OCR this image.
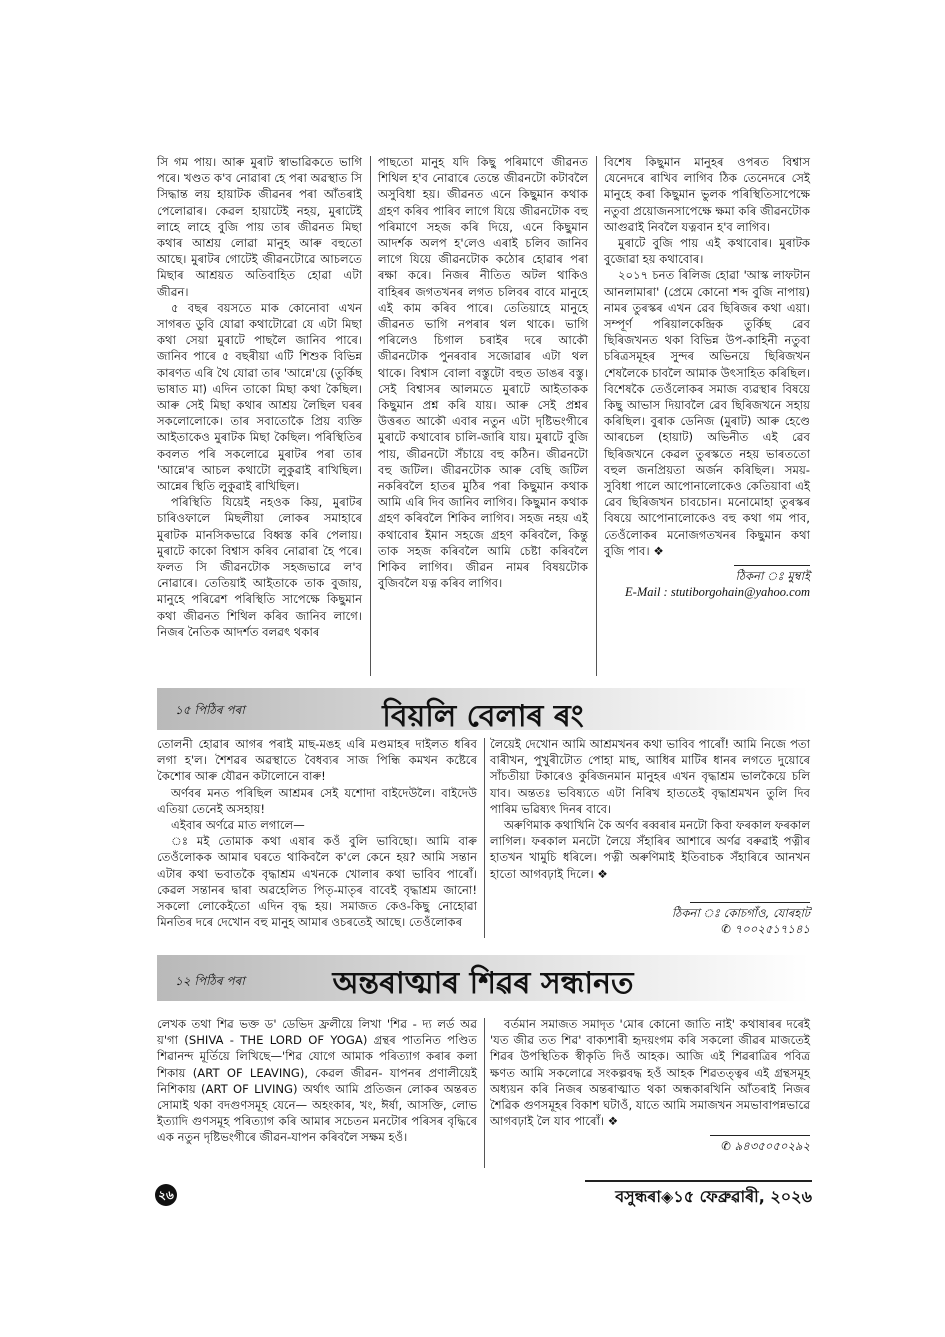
সি গম পায়। আৰু মুৰাট স্বাভাৱিকতে ভাগি পৰে। খণ্ডত ক'ব নোৱাৰা হে পৰা অৱস্থাত সি সিদ্ধান্ত লয় হায়াটক জীৱনৰ পৰা আঁতৰাই পেলোৱাৰ। কেৱল হায়াটেই নহয়, মুৰাটেই লাহে লাহে বুজি পায় তাৰ জীৱনত মিছা কথাৰ আশ্ৰয় লোৱা মানুহ আৰু বহুতো আছে। মুৰাটৰ গোটেই জীৱনটোৱে আচলতে মিছাৰ আশ্ৰয়ত অতিবাহিত হোৱা এটা জীৱন।

৫ বছৰ বয়সতে মাক কোনোবা এখন সাগৰত ডুবি যোৱা কথাটোৱো যে এটা মিছা কথা সেয়া মুৰাটে পাছলৈ জানিব পাৰে। জানিব পাৰে ৫ বছৰীয়া এটি শিশুক বিভিন্ন কাৰণত এৰি থৈ যোৱা তাৰ 'আন্নে'য়ে (তুৰ্কিছ ভাষাত মা) এদিন তাকো মিছা কথা কৈছিল। আৰু সেই মিছা কথাৰ আশ্ৰয় লৈছিল ঘৰৰ সকলোলোকে। তাৰ সবাতোকৈ প্ৰিয় ব্যক্তি আইতাকেও মুৰাটক মিছা কৈছিল। পৰিস্থিতিৰ কবলত পৰি সকলোৱে মুৰাটৰ পৰা তাৰ 'আন্নে'ৰ আচল কথাটো লুকুৱাই ৰাখিছিল। আন্নেৰ স্থিতি লুকুৱাই ৰাখিছিল।

পৰিস্থিতি যিয়েই নহওক কিয়, মুৰাটৰ চাৰিওফালে মিছলীয়া লোকৰ সমাহাৰে মুৰাটক মানসিকভাৱে বিধ্বস্ত কৰি পেলায়। মুৰাটে কাকো বিশ্বাস কৰিব নোৱাৰা হৈ পৰে। ফলত সি জীৱনটোক সহজভাৱে ল'ব নোৱাৰে। তেতিয়াই আইতাকে তাক বুজায়, মানুহে পৰিৱেশ পৰিস্থিতি সাপেক্ষে কিছুমান কথা জীৱনত শিথিল কৰিব জানিব লাগে। নিজৰ নৈতিক আদৰ্শত বলৱৎ থকাৰ

পাছতো মানুহ যদি কিছু পৰিমাণে জীৱনত শিথিল হ'ব নোৱাৰে তেন্তে জীৱনটো কটাবলৈ অসুবিধা হয়। জীৱনত এনে কিছুমান কথাক গ্ৰহণ কৰিব পাৰিব লাগে যিয়ে জীৱনটোক বহু পৰিমাণে সহজ কৰি দিয়ে, এনে কিছুমান আদৰ্শক অলপ হ'লেও এৰাই চলিব জানিব লাগে যিয়ে জীৱনটোক কঠোৰ হোৱাৰ পৰা ৰক্ষা কৰে। নিজৰ নীতিত অটল থাকিও বাহিৰৰ জগতখনৰ লগত চলিবৰ বাবে মানুহে এই কাম কৰিব পাৰে। তেতিয়াহে মানুহে জীৱনত ভাগি নপৰাৰ থল থাকে। ভাগি পৰিলেও চিগাল চৰাইৰ দৰে আকৌ জীৱনটোক পুনৰবাৰ সজোৱাৰ এটা থল থাকে। বিশ্বাস বোলা বস্তুটো বহুত ডাঙৰ বস্তু। সেই বিশ্বাসৰ আলমতে মুৰাটে আইতাকক কিছুমান প্ৰশ্ন কৰি যায়। আৰু সেই প্ৰশ্নৰ উত্তৰত আকৌ এবাৰ নতুন এটা দৃষ্টিভংগীৰে মুৰাটে কথাবোৰ চালি-জাৰি যায়। মুৰাটে বুজি পায়, জীৱনটো সঁচায়ে বহু কঠিন। জীৱনটো বহু জটিল। জীৱনটোক আৰু বেছি জটিল নকৰিবলৈ হাতৰ মুঠিৰ পৰা কিছুমান কথাক আমি এৰি দিব জানিব লাগিব। কিছুমান কথাক গ্ৰহণ কৰিবলৈ শিকিব লাগিব। সহজ নহয় এই কথাবোৰ ইমান সহজে গ্ৰহণ কৰিবলৈ, কিন্তু তাক সহজ কৰিবলৈ আমি চেষ্টা কৰিবলৈ শিকিব লাগিব। জীৱন নামৰ বিষয়টোক বুজিবলৈ যত্ন কৰিব লাগিব।

বিশেষ কিছুমান মানুহৰ ওপৰত বিশ্বাস যেনেদৰে ৰাখিব লাগিব ঠিক তেনেদৰে সেই মানুহে কৰা কিছুমান ভুলক পৰিস্থিতিসাপেক্ষে নতুবা প্ৰয়োজনসাপেক্ষে ক্ষমা কৰি জীৱনটোক আগুৱাই নিবলৈ যত্নবান হ'ব লাগিব।

মুৰাটে বুজি পায় এই কথাবোৰ। মুৰাটক বুজোৱা হয় কথাবোৰ।

২০১৭ চনত ৰিলিজ হোৱা 'আস্ক লাফটান আনলামাৰা' (প্ৰেমে কোনো শব্দ বুজি নাপায়) নামৰ তুৰস্কৰ এখন ৱেব ছিৰিজৰ কথা এয়া। সম্পূৰ্ণ পৰিয়ালকেন্দ্ৰিক তুৰ্কিছ ৱেব ছিৰিজখনত থকা বিভিন্ন উপ-কাহিনী নতুবা চৰিত্ৰসমূহৰ সুন্দৰ অভিনয়ে ছিৰিজখন শেষলৈকে চাবলৈ আমাক উৎসাহিত কৰিছিল। বিশেষকৈ তেওঁলোকৰ সমাজ ব্যৱস্থাৰ বিষয়ে কিছু আভাস দিয়াবলৈ ৱেব ছিৰিজখনে সহায় কৰিছিল। বুৰাক ডেনিজ (মুৰাট) আৰু হেণ্ডে আৰচেল (হায়াট) অভিনীত এই ৱেব ছিৰিজখনে কেৱল তুৰস্কতে নহয় ভাৰততো বহুল জনপ্ৰিয়তা অৰ্জন কৰিছিল। সময়-সুবিধা পালে আপোনালোকেও কেতিয়াবা এই ৱেব ছিৰিজখন চাবচোন। মনোমোহা তুৰস্কৰ বিষয়ে আপোনালোকেও বহু কথা গম পাব, তেওঁলোকৰ মনোজগতখনৰ কিছুমান কথা বুজি পাব। ❖

ঠিকনা ঃ মুম্বাই
E-Mail : stutiborgohain@yahoo.com
১৫ পিঠিৰ পৰা	বিয়লি বেলাৰ ৰং

তোলনী হোৱাৰ আগৰ পৰাই মাছ-মঙহ এৰি মণ্ডমাহৰ দাইলত ধৰিব লগা হ'ল। শৈশৱৰ অৱস্থাতে বৈধব্যৰ সাজ পিন্ধি কমখন কষ্টেৰে কৈশোৰ আৰু যৌৱন কটালোনে বাৰু!

অৰ্ণবৰ মনত পৰিছিল আশ্ৰমৰ সেই যশোদা বাইদেউলৈ। বাইদেউ এতিয়া তেনেই অসহায়!

এইবাৰ অৰ্ণৱে মাত লগালে—

ঃ মই তোমাক কথা এষাৰ কওঁ বুলি ভাবিছো। আমি বাৰু তেওঁলোকক আমাৰ ঘৰতে থাকিবলৈ ক'লে কেনে হয়? আমি সন্তান এটাৰ কথা ভবাতকৈ বৃদ্ধাশ্ৰম এখনকে খোলাৰ কথা ভাবিব পাৰোঁ। কেৱল সন্তানৰ দ্বাৰা অৱহেলিত পিতৃ-মাতৃৰ বাবেই বৃদ্ধাশ্ৰম জানো! সকলো লোকেইতো এদিন বৃদ্ধ হয়। সমাজত কেও-কিছু নোহোৱা মিনতিৰ দৰে দেখোন বহু মানুহ আমাৰ ওচৰতেই আছে। তেওঁলোকৰ

লৈয়েই দেখোন আমি আশ্ৰমখনৰ কথা ভাবিব পাৰোঁ! আমি নিজে পতা বাৰীখন, পুখুৰীটোত পোহা মাছ, আধিৰ মাটিৰ ধানৰ লগতে দুয়োৰে সাঁচতীয়া টকাৰেও কুৰিজনমান মানুহৰ এখন বৃদ্ধাশ্ৰম ভালকৈয়ে চলি যাব। অন্ততঃ ভবিষ্যতে এটা নিৰিখ হাততেই বৃদ্ধাশ্ৰমখন তুলি দিব পাৰিম ভৱিষ্যৎ দিনৰ বাবে।

অৰুণিমাক কথাখিনি কৈ অৰ্ণব ৰব্বৰাৰ মনটো কিবা ফৰকাল ফৰকাল লাগিল। ফৰকাল মনটো লৈয়ে সঁহাৰিৰ আশাৰে অৰ্ণৱ বৰুৱাই পত্নীৰ হাতখন খামুচি ধৰিলে। পত্নী অৰুণিমাই ইতিবাচক সঁহাৰিৰে আনখন হাতো আগবঢ়াই দিলে। ❖

ঠিকনা ঃ কোচগাঁও, যোৰহাট
✆ ৭০০২৫১৭১৪১
১২ পিঠিৰ পৰা	অন্তৰাত্মাৰ শিৱৰ সন্ধানত

লেখক তথা শিৱ ভক্ত ড' ডেভিদ ফ্ৰলীয়ে লিখা 'শিৱ - দ্য লৰ্ড অৱ য়'গা (SHIVA - THE LORD OF YOGA) গ্ৰন্থৰ পাতনিত পণ্ডিত শিৱানন্দ মূৰ্তিয়ে লিখিছে—'শিৱ যোগে আমাক পৰিত্যাগ কৰাৰ কলা শিকায় (ART OF LEAVING), কেৱল জীৱন- যাপনৰ প্ৰণালীয়েই নিশিকায় (ART OF LIVING) অৰ্থাৎ আমি প্ৰতিজন লোকৰ অন্তৰত সোমাই থকা বদগুণসমূহ যেনে— অহংকাৰ, খং, ঈৰ্ষা, আসক্তি, লোভ ইত্যাদি গুণসমূহ পৰিত্যাগ কৰি আমাৰ সচেতন মনটোৰ পৰিসৰ বৃদ্ধিৰে এক নতুন দৃষ্টিভংগীৰে জীৱন-যাপন কৰিবলৈ সক্ষম হওঁ।

বৰ্তমান সমাজত সমাদৃত 'মোৰ কোনো জাতি নাই' কথাষাৰৰ দৰেই 'যত জীৱ তত শিৱ' বাক্যশাৰী হৃদয়ংগম কৰি সকলো জীৱৰ মাজতেই শিৱৰ উপস্থিতিক স্বীকৃতি দিওঁ আহক। আজি এই শিৱৰাত্ৰিৰ পবিত্ৰ ক্ষণত আমি সকলোৱে সংকল্পবদ্ধ হওঁ আহক শিৱতত্ত্বৰ এই গ্ৰন্থসমূহ অধ্যয়ন কৰি নিজৰ অন্তৰাত্মাত থকা অন্ধকাৰখিনি আঁতৰাই নিজৰ শৈৱিক গুণসমূহৰ বিকাশ ঘটাওঁ, যাতে আমি সমাজখন সমভাবাপন্নভাৱে আগবঢ়াই লৈ যাব পাৰোঁ। ❖

✆ ৯৪৩৫০৫০২৯২
২৬	বসুন্ধৰা◈১৫ ফেব্ৰুৱাৰী, ২০২৬
